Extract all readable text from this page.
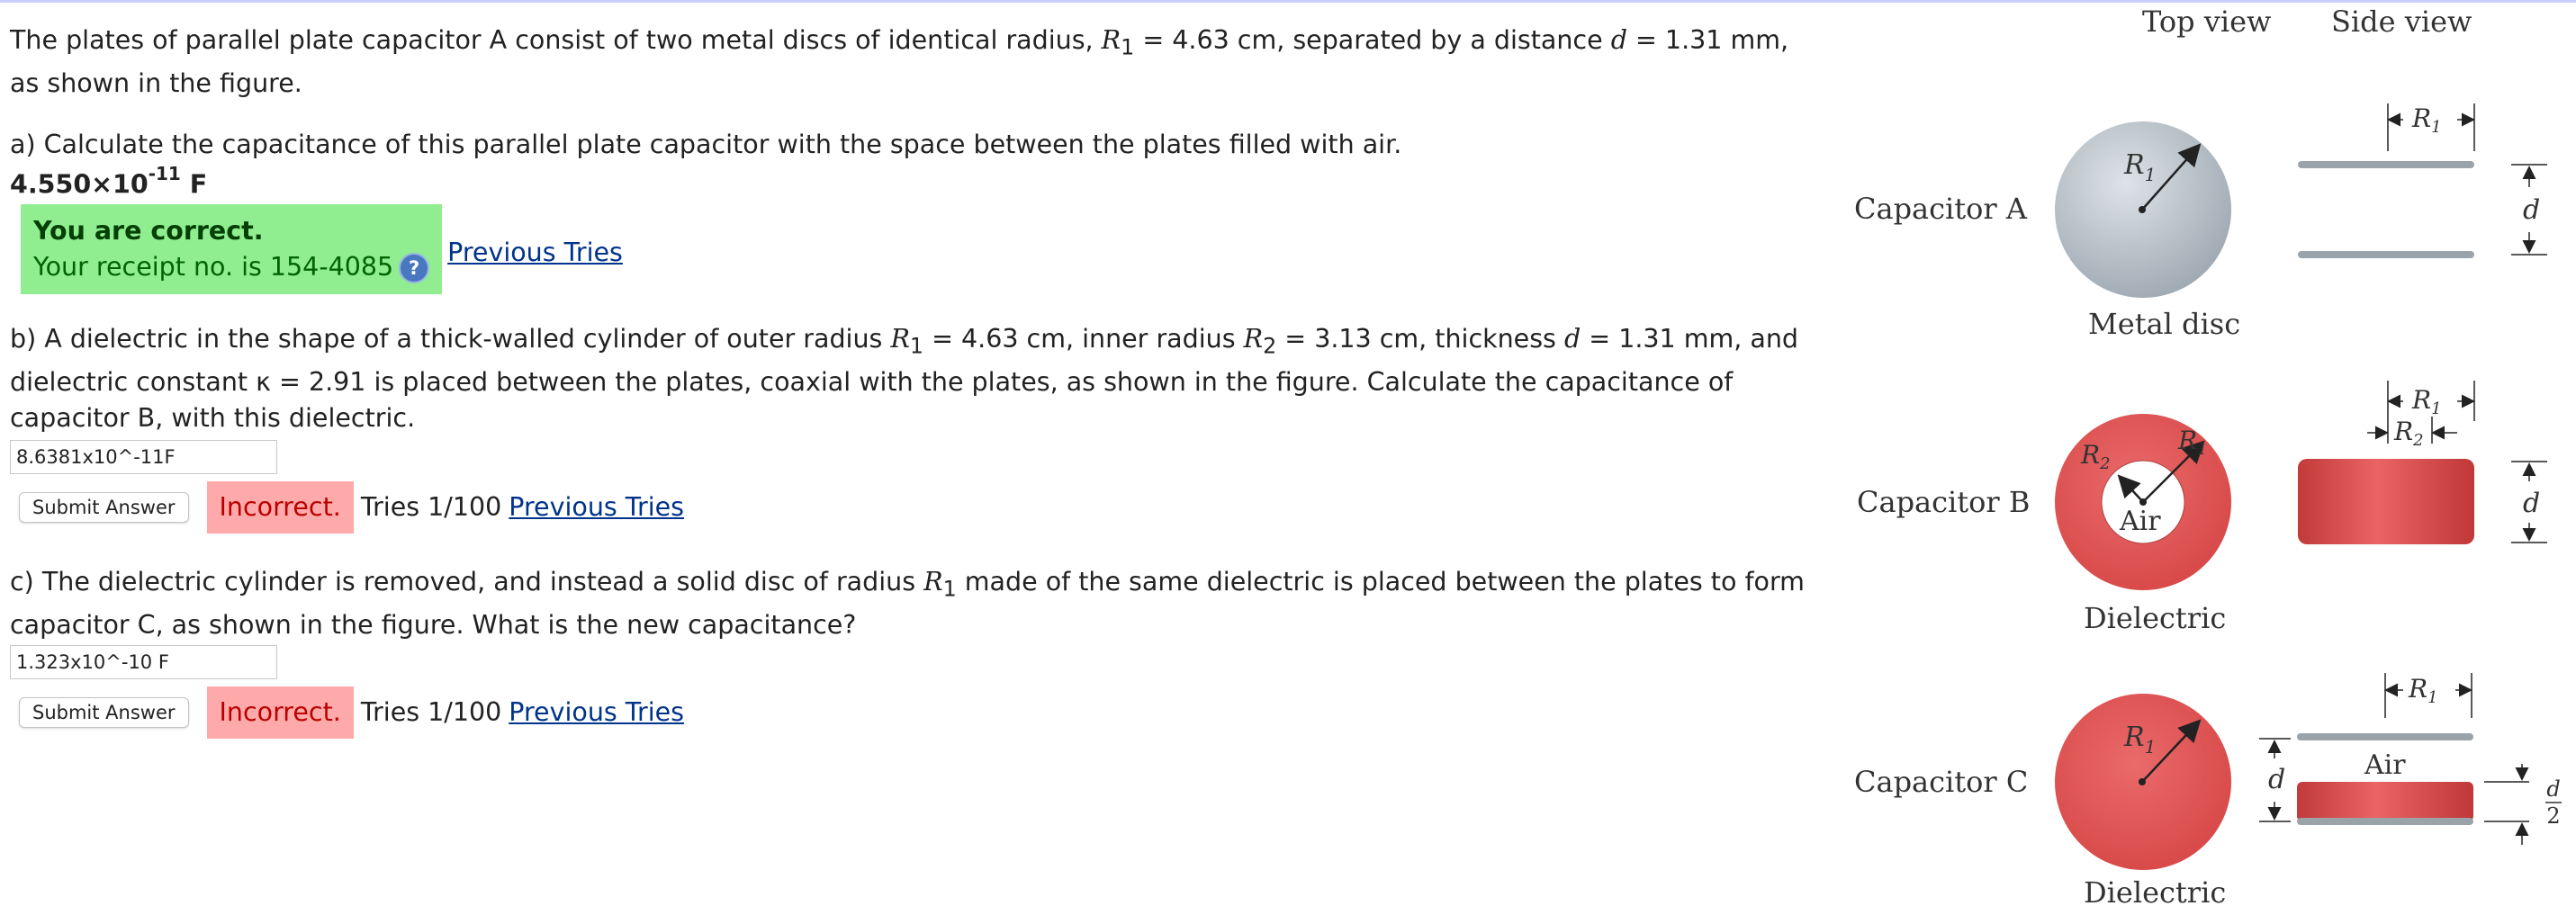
The plates of parallel plate capacitor A consist of two metal discs of identical radius, $R_1 = 4.63$ cm, separated by a distance d = 1.31 mm, as shown in the figure.

a) Calculate the capacitance of this parallel plate capacitor with the space between the plates filled with air.

$4.550\times 10^{-11}$ F

You are correct.
Your receipt no. is 154-4085 ?
Previous Tries

b) A dielectric in the shape of a thick-walled cylinder of outer radius $R_1 = 4.63$ cm, inner radius $R_2 = 3.13$ cm, thickness d = 1.31 mm, and dielectric constant κ = 2.91 is placed between the plates, coaxial with the plates, as shown in the figure. Calculate the capacitance of capacitor B, with this dielectric.

8.6381x10^-11F
Submit Answer	Incorrect. Tries 1/100 Previous Tries

c) The dielectric cylinder is removed, and instead a solid disc of radius $R_1$ made of the same dielectric is placed between the plates to form capacitor C, as shown in the figure. What is the new capacitance?

1.323x10^-10 F
Submit Answer	Incorrect. Tries 1/100 Previous Tries
Top view Side view
Capacitor A
$R_1$
Metal disc
$R_1$
d
Capacitor B
Air
$R_1$
$R_2$
Dielectric
$R_1$
$R_2$
d
Capacitor C
$R_1$
Dielectric
$R_1$
Air
d	d
2
